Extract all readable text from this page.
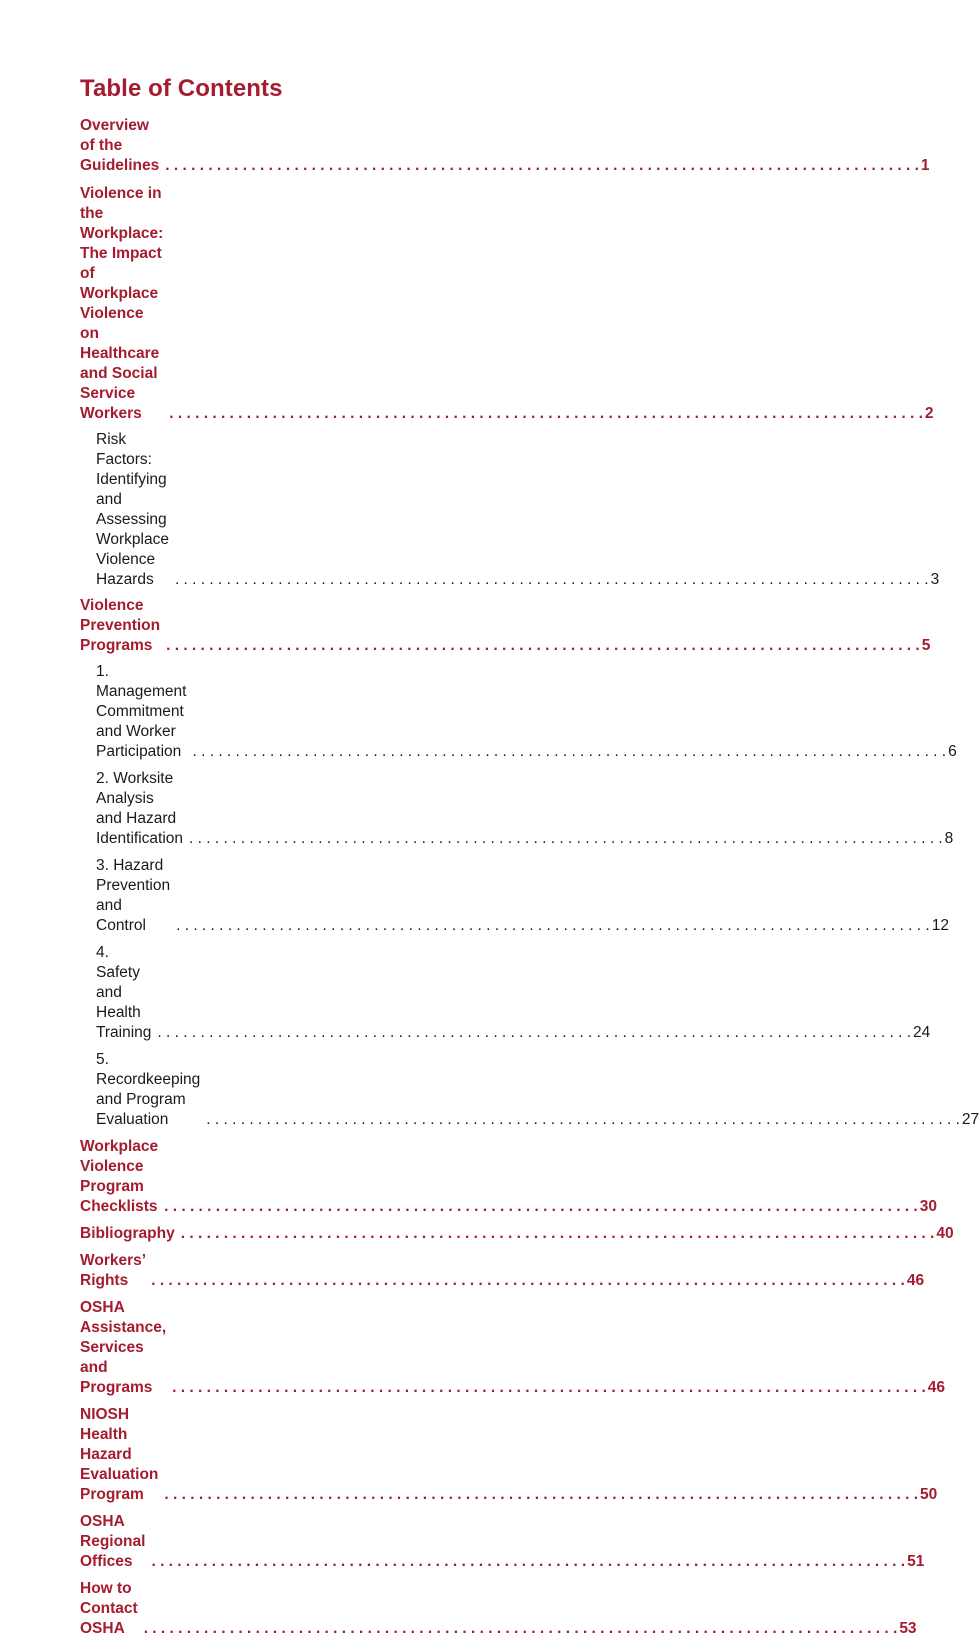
Table of Contents
Overview of the Guidelines . . .	1
Violence in the Workplace: The Impact of Workplace Violence
on Healthcare and Social Service Workers . . .	2
Risk Factors: Identifying and Assessing Workplace
Violence Hazards . . .	3
Violence Prevention Programs . . .	5
1. Management Commitment and Worker Participation . . .	6
2. Worksite Analysis and Hazard Identification . . .	8
3. Hazard Prevention and Control . . .	12
4. Safety and Health Training . . .	24
5. Recordkeeping and Program Evaluation . . .	27
Workplace Violence Program Checklists . . .	30
Bibliography . . .	40
Workers’ Rights . . .	46
OSHA Assistance, Services and Programs . . .	46
NIOSH Health Hazard Evaluation Program . . .	50
OSHA Regional Offices . . .	51
How to Contact OSHA . . .	53
